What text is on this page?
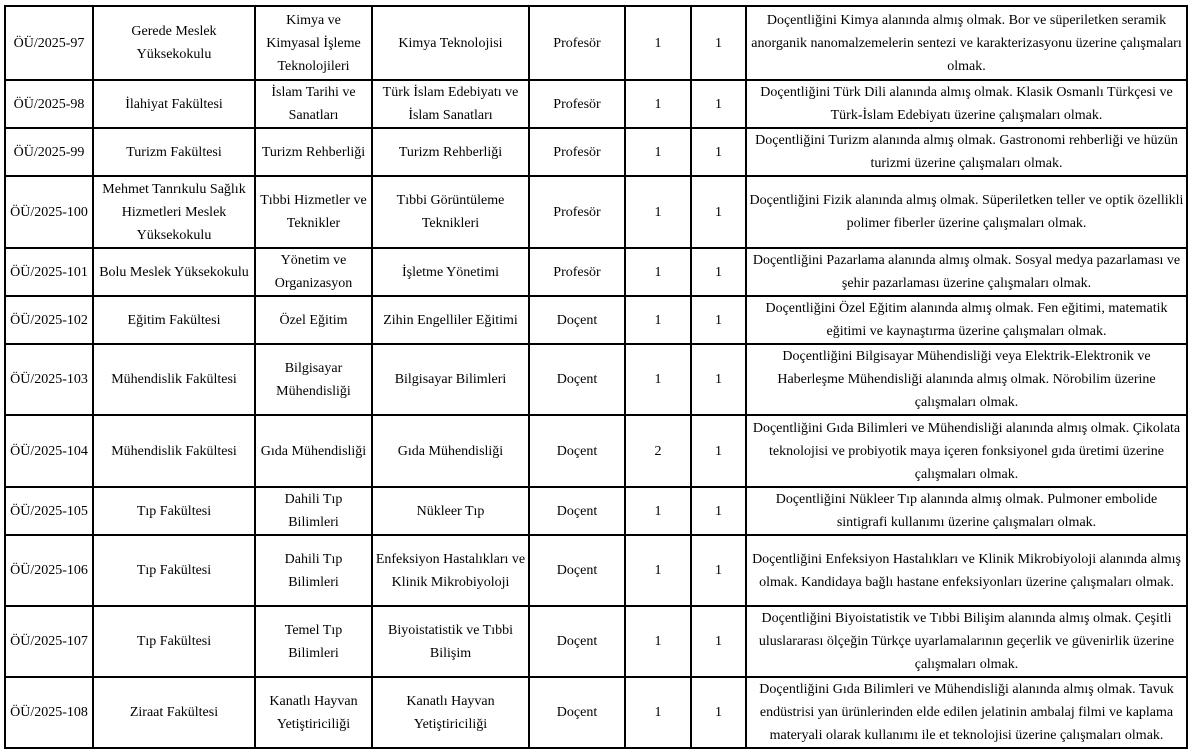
ÖÜ/2025-97	Gerede Meslek Yüksekokulu	Kimya ve Kimyasal İşleme Teknolojileri	Kimya Teknolojisi	Profesör	1	1	Doçentliğini Kimya alanında almış olmak. Bor ve süperiletken seramik anorganik nanomalzemelerin sentezi ve karakterizasyonu üzerine çalışmaları olmak.
ÖÜ/2025-98	İlahiyat Fakültesi	İslam Tarihi ve Sanatları	Türk İslam Edebiyatı ve İslam Sanatları	Profesör	1	1	Doçentliğini Türk Dili alanında almış olmak. Klasik Osmanlı Türkçesi ve Türk-İslam Edebiyatı üzerine çalışmaları olmak.
ÖÜ/2025-99	Turizm Fakültesi	Turizm Rehberliği	Turizm Rehberliği	Profesör	1	1	Doçentliğini Turizm alanında almış olmak. Gastronomi rehberliği ve hüzün turizmi üzerine çalışmaları olmak.
ÖÜ/2025-100	Mehmet Tanrıkulu Sağlık Hizmetleri Meslek Yüksekokulu	Tıbbi Hizmetler ve Teknikler	Tıbbi Görüntüleme Teknikleri	Profesör	1	1	Doçentliğini Fizik alanında almış olmak. Süperiletken teller ve optik özellikli polimer fiberler üzerine çalışmaları olmak.
ÖÜ/2025-101	Bolu Meslek Yüksekokulu	Yönetim ve Organizasyon	İşletme Yönetimi	Profesör	1	1	Doçentliğini Pazarlama alanında almış olmak. Sosyal medya pazarlaması ve şehir pazarlaması üzerine çalışmaları olmak.
ÖÜ/2025-102	Eğitim Fakültesi	Özel Eğitim	Zihin Engelliler Eğitimi	Doçent	1	1	Doçentliğini Özel Eğitim alanında almış olmak. Fen eğitimi, matematik eğitimi ve kaynaştırma üzerine çalışmaları olmak.
ÖÜ/2025-103	Mühendislik Fakültesi	Bilgisayar Mühendisliği	Bilgisayar Bilimleri	Doçent	1	1	Doçentliğini Bilgisayar Mühendisliği veya Elektrik-Elektronik ve Haberleşme Mühendisliği alanında almış olmak. Nörobilim üzerine çalışmaları olmak.
ÖÜ/2025-104	Mühendislik Fakültesi	Gıda Mühendisliği	Gıda Mühendisliği	Doçent	2	1	Doçentliğini Gıda Bilimleri ve Mühendisliği alanında almış olmak. Çikolata teknolojisi ve probiyotik maya içeren fonksiyonel gıda üretimi üzerine çalışmaları olmak.
ÖÜ/2025-105	Tıp Fakültesi	Dahili Tıp Bilimleri	Nükleer Tıp	Doçent	1	1	Doçentliğini Nükleer Tıp alanında almış olmak. Pulmoner embolide sintigrafi kullanımı üzerine çalışmaları olmak.
ÖÜ/2025-106	Tıp Fakültesi	Dahili Tıp Bilimleri	Enfeksiyon Hastalıkları ve Klinik Mikrobiyoloji	Doçent	1	1	Doçentliğini Enfeksiyon Hastalıkları ve Klinik Mikrobiyoloji alanında almış olmak. Kandidaya bağlı hastane enfeksiyonları üzerine çalışmaları olmak.
ÖÜ/2025-107	Tıp Fakültesi	Temel Tıp Bilimleri	Biyoistatistik ve Tıbbi Bilişim	Doçent	1	1	Doçentliğini Biyoistatistik ve Tıbbi Bilişim alanında almış olmak. Çeşitli uluslararası ölçeğin Türkçe uyarlamalarının geçerlik ve güvenirlik üzerine çalışmaları olmak.
ÖÜ/2025-108	Ziraat Fakültesi	Kanatlı Hayvan Yetiştiriciliği	Kanatlı Hayvan Yetiştiriciliği	Doçent	1	1	Doçentliğini Gıda Bilimleri ve Mühendisliği alanında almış olmak. Tavuk endüstrisi yan ürünlerinden elde edilen jelatinin ambalaj filmi ve kaplama materyali olarak kullanımı ile et teknolojisi üzerine çalışmaları olmak.
